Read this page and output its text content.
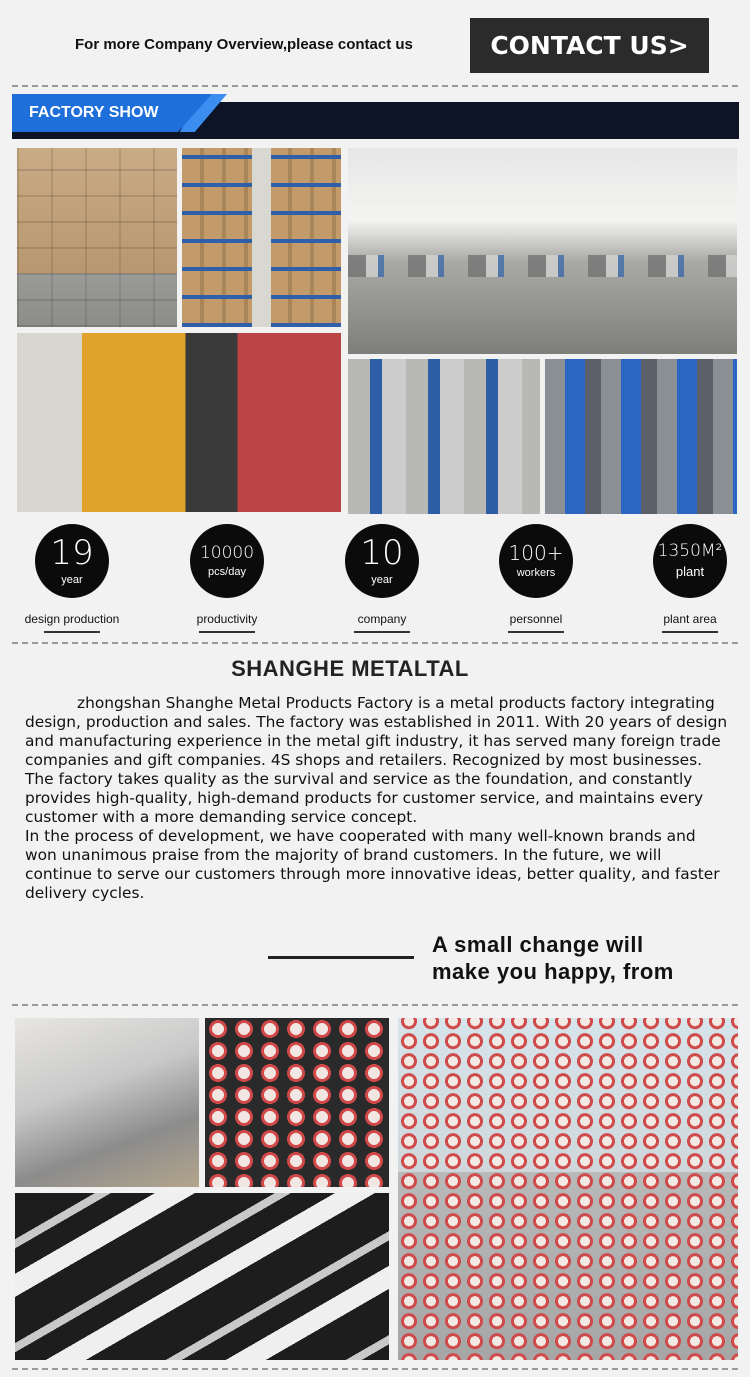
For more Company Overview,please contact us	CONTACT US>
FACTORY SHOW
19
year
design production
10000
pcs/day
productivity
10
year
company
100+
workers
personnel
1350M²
plant
plant area
SHANGHE METALTAL

zhongshan Shanghe Metal Products Factory is a metal products factory integrating design, production and sales. The factory was established in 2011. With 20 years of design and manufacturing experience in the metal gift industry, it has served many foreign trade companies and gift companies. 4S shops and retailers. Recognized by most businesses. The factory takes quality as the survival and service as the foundation, and constantly provides high-quality, high-demand products for customer service, and maintains every customer with a more demanding service concept.

In the process of development, we have cooperated with many well-known brands and won unanimous praise from the majority of brand customers. In the future, we will continue to serve our customers through more innovative ideas, better quality, and faster delivery cycles.

A small change will
make you happy, from
